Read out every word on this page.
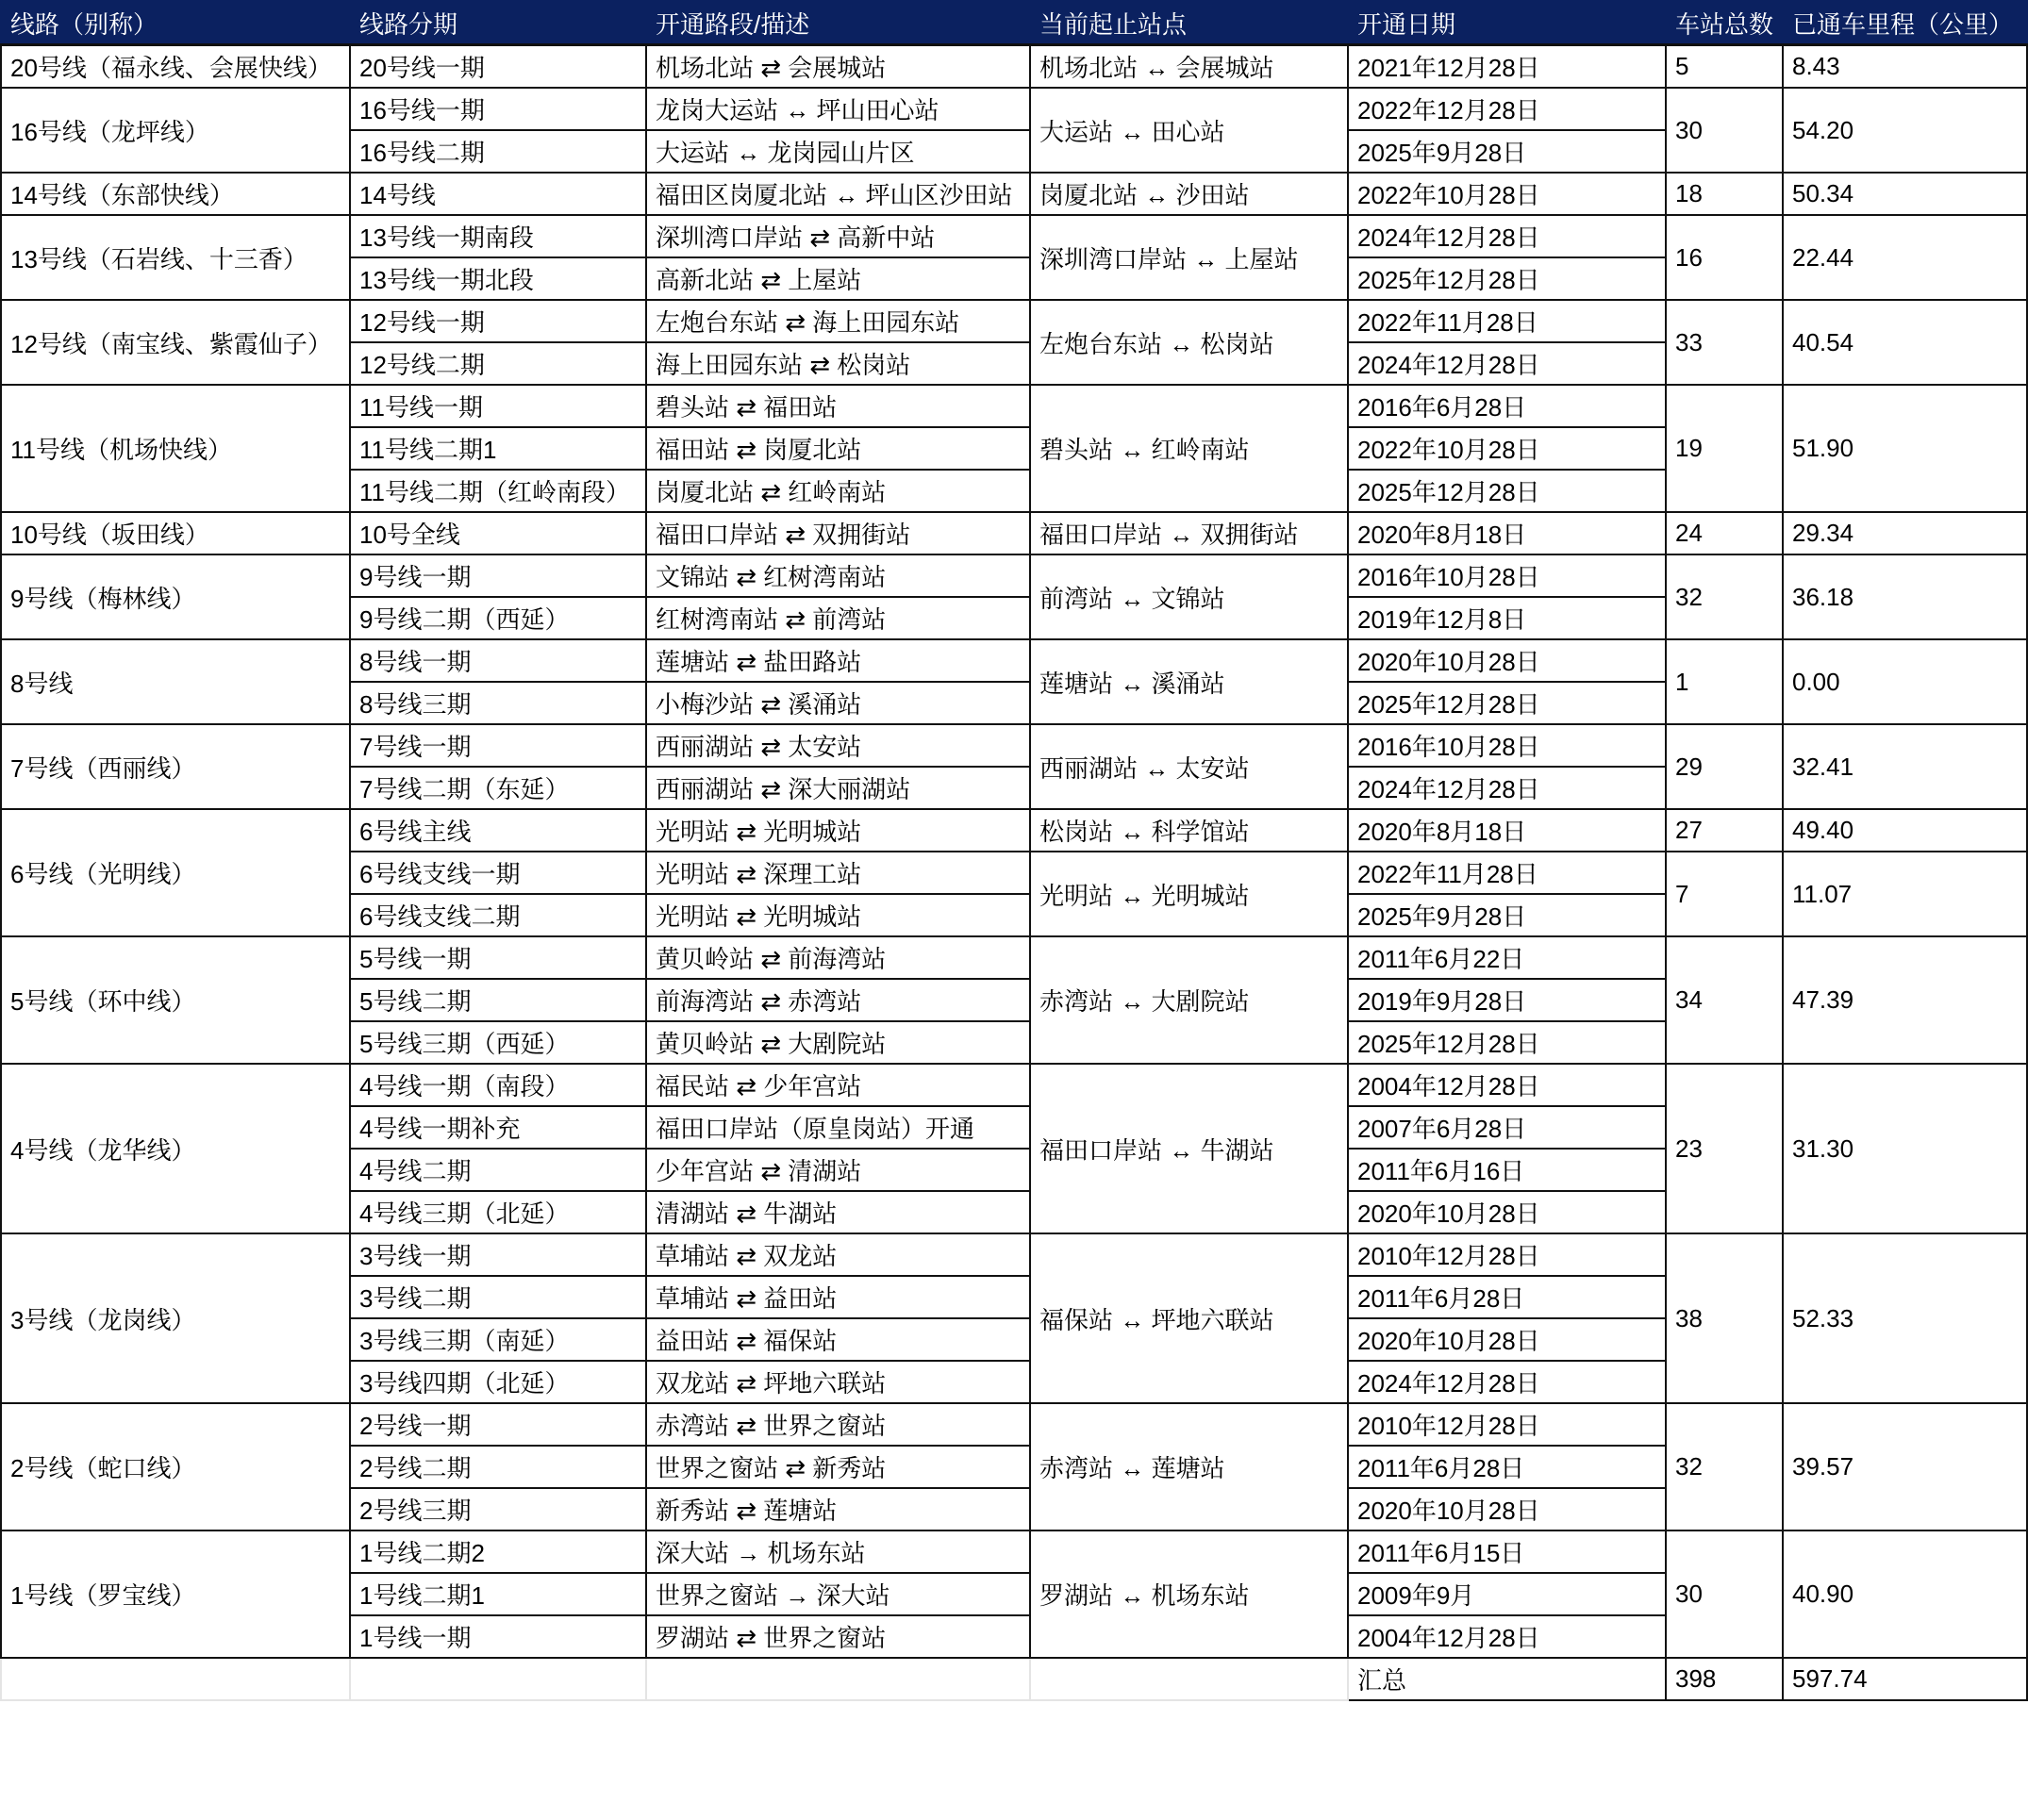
线路（别称）	线路分期	开通路段/描述	当前起止站点	开通日期	车站总数	已通车里程（公里）
20号线（福永线、会展快线）	20号线一期	机场北站 ⇄ 会展城站	机场北站 ↔ 会展城站	2021年12月28日	5	8.43
16号线（龙坪线）	16号线一期	龙岗大运站 ↔ 坪山田心站	大运站 ↔ 田心站	2022年12月28日	30	54.20
	16号线二期	大运站 ↔ 龙岗园山片区		2025年9月28日		
14号线（东部快线）	14号线	福田区岗厦北站 ↔ 坪山区沙田站	岗厦北站 ↔ 沙田站	2022年10月28日	18	50.34
13号线（石岩线、十三香）	13号线一期南段	深圳湾口岸站 ⇄ 高新中站	深圳湾口岸站 ↔ 上屋站	2024年12月28日	16	22.44
	13号线一期北段	高新北站 ⇄ 上屋站		2025年12月28日		
12号线（南宝线、紫霞仙子）	12号线一期	左炮台东站 ⇄ 海上田园东站	左炮台东站 ↔ 松岗站	2022年11月28日	33	40.54
	12号线二期	海上田园东站 ⇄ 松岗站		2024年12月28日		
11号线（机场快线）	11号线一期	碧头站 ⇄ 福田站	碧头站 ↔ 红岭南站	2016年6月28日	19	51.90
	11号线二期1	福田站 ⇄ 岗厦北站		2022年10月28日		
	11号线二期（红岭南段）	岗厦北站 ⇄ 红岭南站		2025年12月28日		
10号线（坂田线）	10号全线	福田口岸站 ⇄ 双拥街站	福田口岸站 ↔ 双拥街站	2020年8月18日	24	29.34
9号线（梅林线）	9号线一期	文锦站 ⇄ 红树湾南站	前湾站 ↔ 文锦站	2016年10月28日	32	36.18
	9号线二期（西延）	红树湾南站 ⇄ 前湾站		2019年12月8日		
8号线	8号线一期	莲塘站 ⇄ 盐田路站	莲塘站 ↔ 溪涌站	2020年10月28日	1	0.00
	8号线三期	小梅沙站 ⇄ 溪涌站		2025年12月28日		
7号线（西丽线）	7号线一期	西丽湖站 ⇄ 太安站	西丽湖站 ↔ 太安站	2016年10月28日	29	32.41
	7号线二期（东延）	西丽湖站 ⇄ 深大丽湖站		2024年12月28日		
6号线（光明线）	6号线主线	光明站 ⇄ 光明城站	松岗站 ↔ 科学馆站	2020年8月18日	27	49.40
	6号线支线一期	光明站 ⇄ 深理工站	光明站 ↔ 光明城站	2022年11月28日	7	11.07
	6号线支线二期	光明站 ⇄ 光明城站		2025年9月28日		
5号线（环中线）	5号线一期	黄贝岭站 ⇄ 前海湾站	赤湾站 ↔ 大剧院站	2011年6月22日	34	47.39
	5号线二期	前海湾站 ⇄ 赤湾站		2019年9月28日		
	5号线三期（西延）	黄贝岭站 ⇄ 大剧院站		2025年12月28日		
4号线（龙华线）	4号线一期（南段）	福民站 ⇄ 少年宫站	福田口岸站 ↔ 牛湖站	2004年12月28日	23	31.30
	4号线一期补充	福田口岸站（原皇岗站）开通		2007年6月28日		
	4号线二期	少年宫站 ⇄ 清湖站		2011年6月16日		
	4号线三期（北延）	清湖站 ⇄ 牛湖站		2020年10月28日		
3号线（龙岗线）	3号线一期	草埔站 ⇄ 双龙站	福保站 ↔ 坪地六联站	2010年12月28日	38	52.33
	3号线二期	草埔站 ⇄ 益田站		2011年6月28日		
	3号线三期（南延）	益田站 ⇄ 福保站		2020年10月28日		
	3号线四期（北延）	双龙站 ⇄ 坪地六联站		2024年12月28日		
2号线（蛇口线）	2号线一期	赤湾站 ⇄ 世界之窗站	赤湾站 ↔ 莲塘站	2010年12月28日	32	39.57
	2号线二期	世界之窗站 ⇄ 新秀站		2011年6月28日		
	2号线三期	新秀站 ⇄ 莲塘站		2020年10月28日		
1号线（罗宝线）	1号线二期2	深大站 → 机场东站	罗湖站 ↔ 机场东站	2011年6月15日	30	40.90
	1号线二期1	世界之窗站 → 深大站		2009年9月		
	1号线一期	罗湖站 ⇄ 世界之窗站		2004年12月28日		
				汇总	398	597.74
